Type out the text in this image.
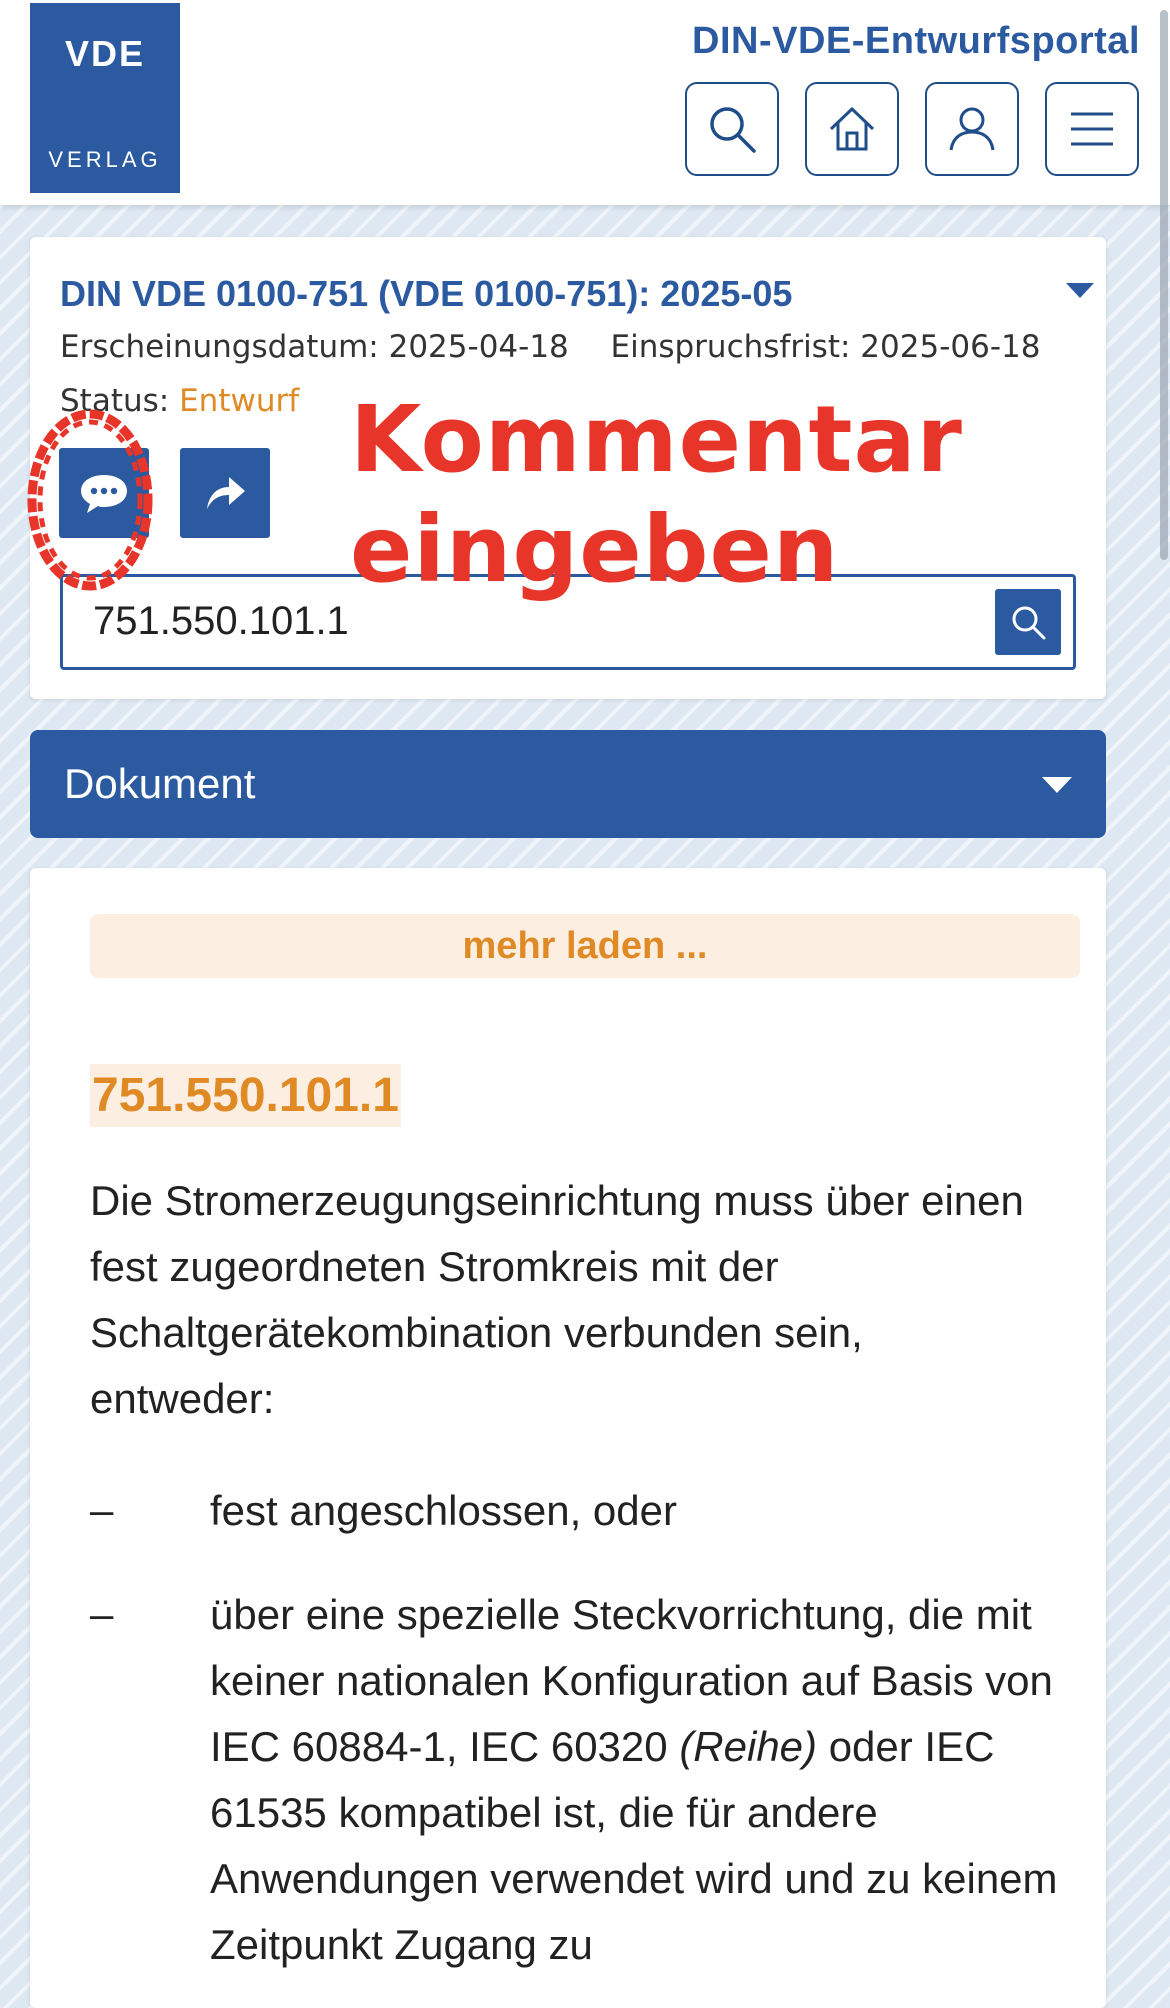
VDE
VERLAG
DIN-VDE-Entwurfsportal
DIN VDE 0100-751 (VDE 0100-751): 2025-05
Erscheinungsdatum: 2025-04-18 Einspruchsfrist: 2025-06-18
Status: Entwurf
751.550.101.1
Dokument
mehr laden ...
751.550.101.1
Die Stromerzeugungseinrichtung muss über einen fest zugeordneten Stromkreis mit der Schaltgerätekombination verbunden sein, entweder:
– fest angeschlossen, oder
– über eine spezielle Steckvorrichtung, die mit keiner nationalen Konfiguration auf Basis von IEC 60884-1, IEC 60320 (Reihe) oder IEC 61535 kompatibel ist, die für andere Anwendungen verwendet wird und zu keinem Zeitpunkt Zugang zu
Kommentar
eingeben
